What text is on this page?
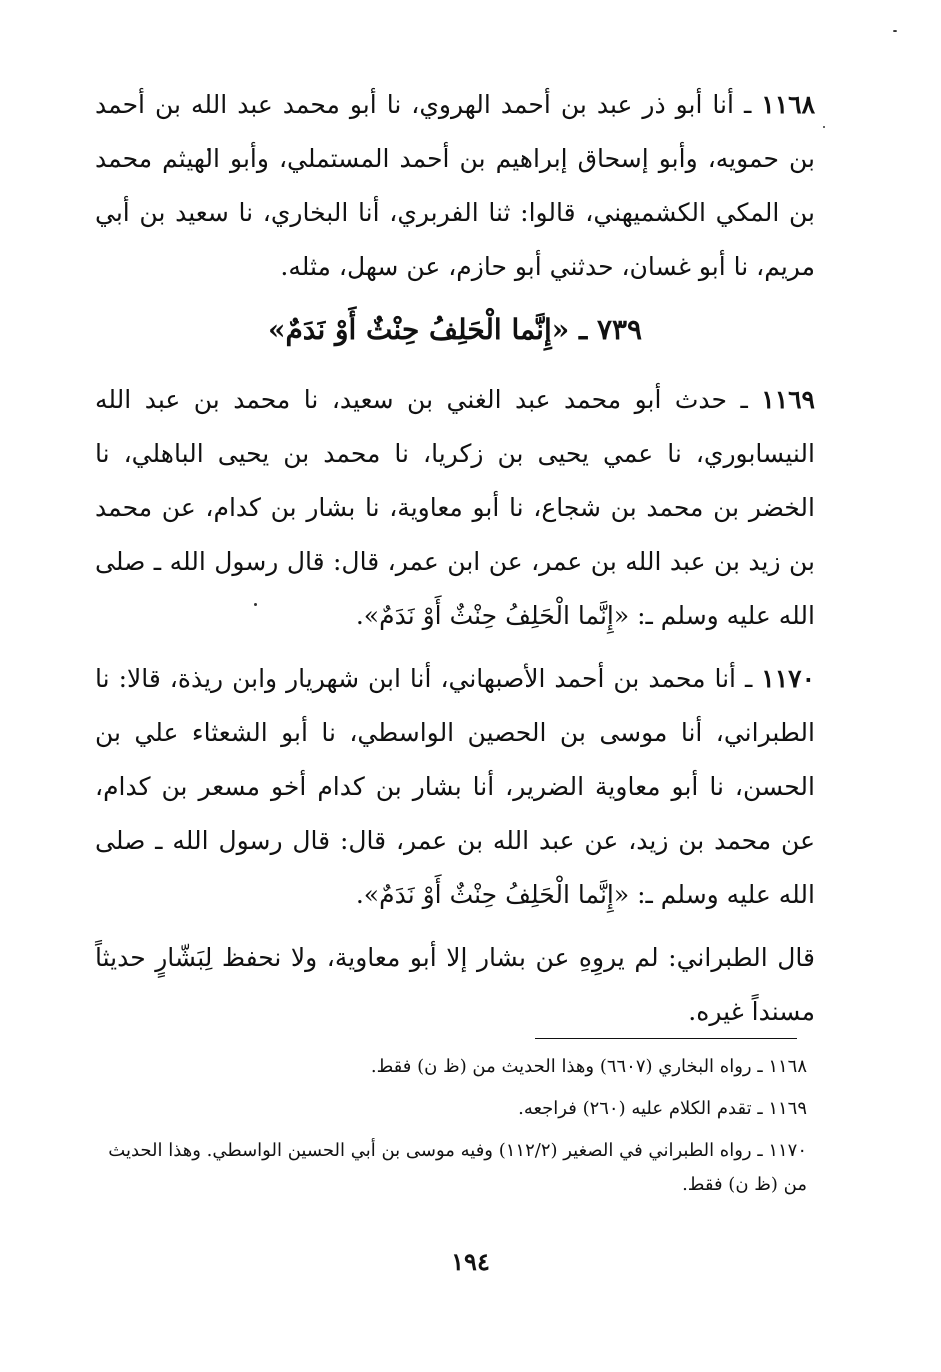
١١٦٨ ـ أنا أبو ذر عبد بن أحمد الهروي، نا أبو محمد عبد الله بن أحمد بن حمويه، وأبو إسحاق إبراهيم بن أحمد المستملي، وأبو الهيثم محمد بن المكي الكشميهني، قالوا: ثنا الفربري، أنا البخاري، نا سعيد بن أبي مريم، نا أبو غسان، حدثني أبو حازم، عن سهل، مثله.

٧٣٩ ـ «إِنَّما الْحَلِفُ حِنْثٌ أَوْ نَدَمٌ»

١١٦٩ ـ حدث أبو محمد عبد الغني بن سعيد، نا محمد بن عبد الله النيسابوري، نا عمي يحيى بن زكريا، نا محمد بن يحيى الباهلي، نا الخضر بن محمد بن شجاع، نا أبو معاوية، نا بشار بن كدام، عن محمد بن زيد بن عبد الله بن عمر، عن ابن عمر، قال: قال رسول الله ـ صلى الله عليه وسلم ـ: «إِنَّما الْحَلِفُ حِنْثٌ أَوْ نَدَمٌ».

١١٧٠ ـ أنا محمد بن أحمد الأصبهاني، أنا ابن شهريار وابن ريذة، قالا: نا الطبراني، أنا موسى بن الحصين الواسطي، نا أبو الشعثاء علي بن الحسن، نا أبو معاوية الضرير، أنا بشار بن كدام أخو مسعر بن كدام، عن محمد بن زيد، عن عبد الله بن عمر، قال: قال رسول الله ـ صلى الله عليه وسلم ـ: «إِنَّما الْحَلِفُ حِنْثٌ أَوْ نَدَمٌ».

قال الطبراني: لم يروِهِ عن بشار إلا أبو معاوية، ولا نحفظ لِبَشّارٍ حديثاً مسنداً غيره.

١١٦٨ ـ رواه البخاري (٦٦٠٧) وهذا الحديث من (ظ ن) فقط.

١١٦٩ ـ تقدم الكلام عليه (٢٦٠) فراجعه.

١١٧٠ ـ رواه الطبراني في الصغير (١١٢/٢) وفيه موسى بن أبي الحسين الواسطي. وهذا الحديث من (ظ ن) فقط.

١٩٤
